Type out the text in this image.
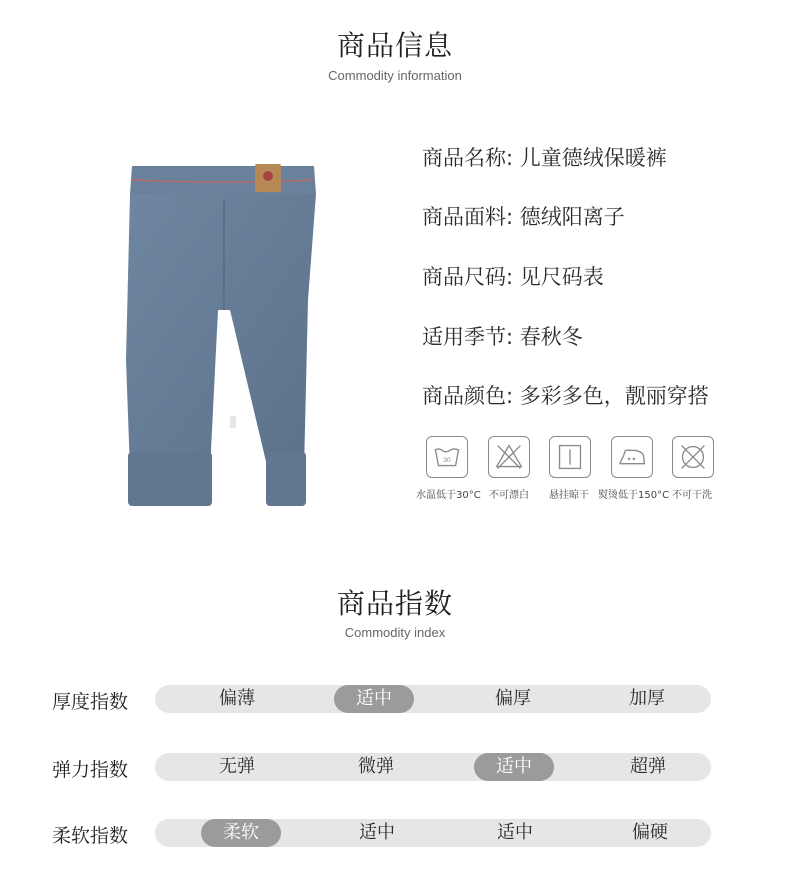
商品信息
Commodity information
商品名称: 儿童德绒保暖裤
商品面料: 德绒阳离子
商品尺码: 见尺码表
适用季节: 春秋冬
商品颜色: 多彩多色，靓丽穿搭
30
水温低于30°C 不可漂白 悬挂晾干 熨烫低于150°C 不可干洗
商品指数
Commodity index
厚度指数	偏薄	适中	偏厚	加厚
弹力指数	无弹	微弹	适中	超弹
柔软指数	柔软	适中	适中	偏硬
